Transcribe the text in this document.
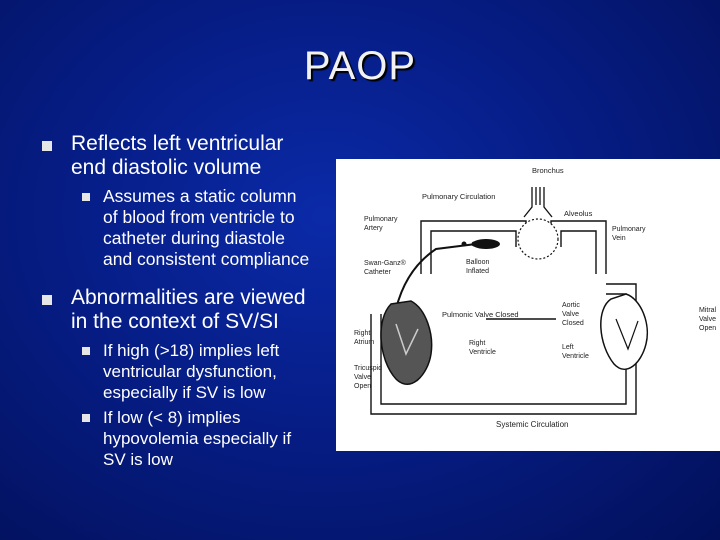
PAOP
Reflects left ventricular
end diastolic volume
Assumes a static column
of blood from ventricle to
catheter during diastole
and consistent compliance
Abnormalities are viewed
in the context of SV/SI
If high (>18) implies left
ventricular dysfunction,
especially if SV is low
If low (< 8) implies
hypovolemia especially if
SV is low
Bronchus
Pulmonary Circulation
Alveolus
Pulmonary
Artery	Pulmonary
Vein
Balloon
Inflated
Swan-Ganz®
Catheter
Pulmonic Valve Closed
Aortic
Valve
Closed
Mitral
Valve
Open
Right
Atrium	Right
Ventricle
Left
Ventricle
Tricuspid
Valve
Open
Systemic Circulation
